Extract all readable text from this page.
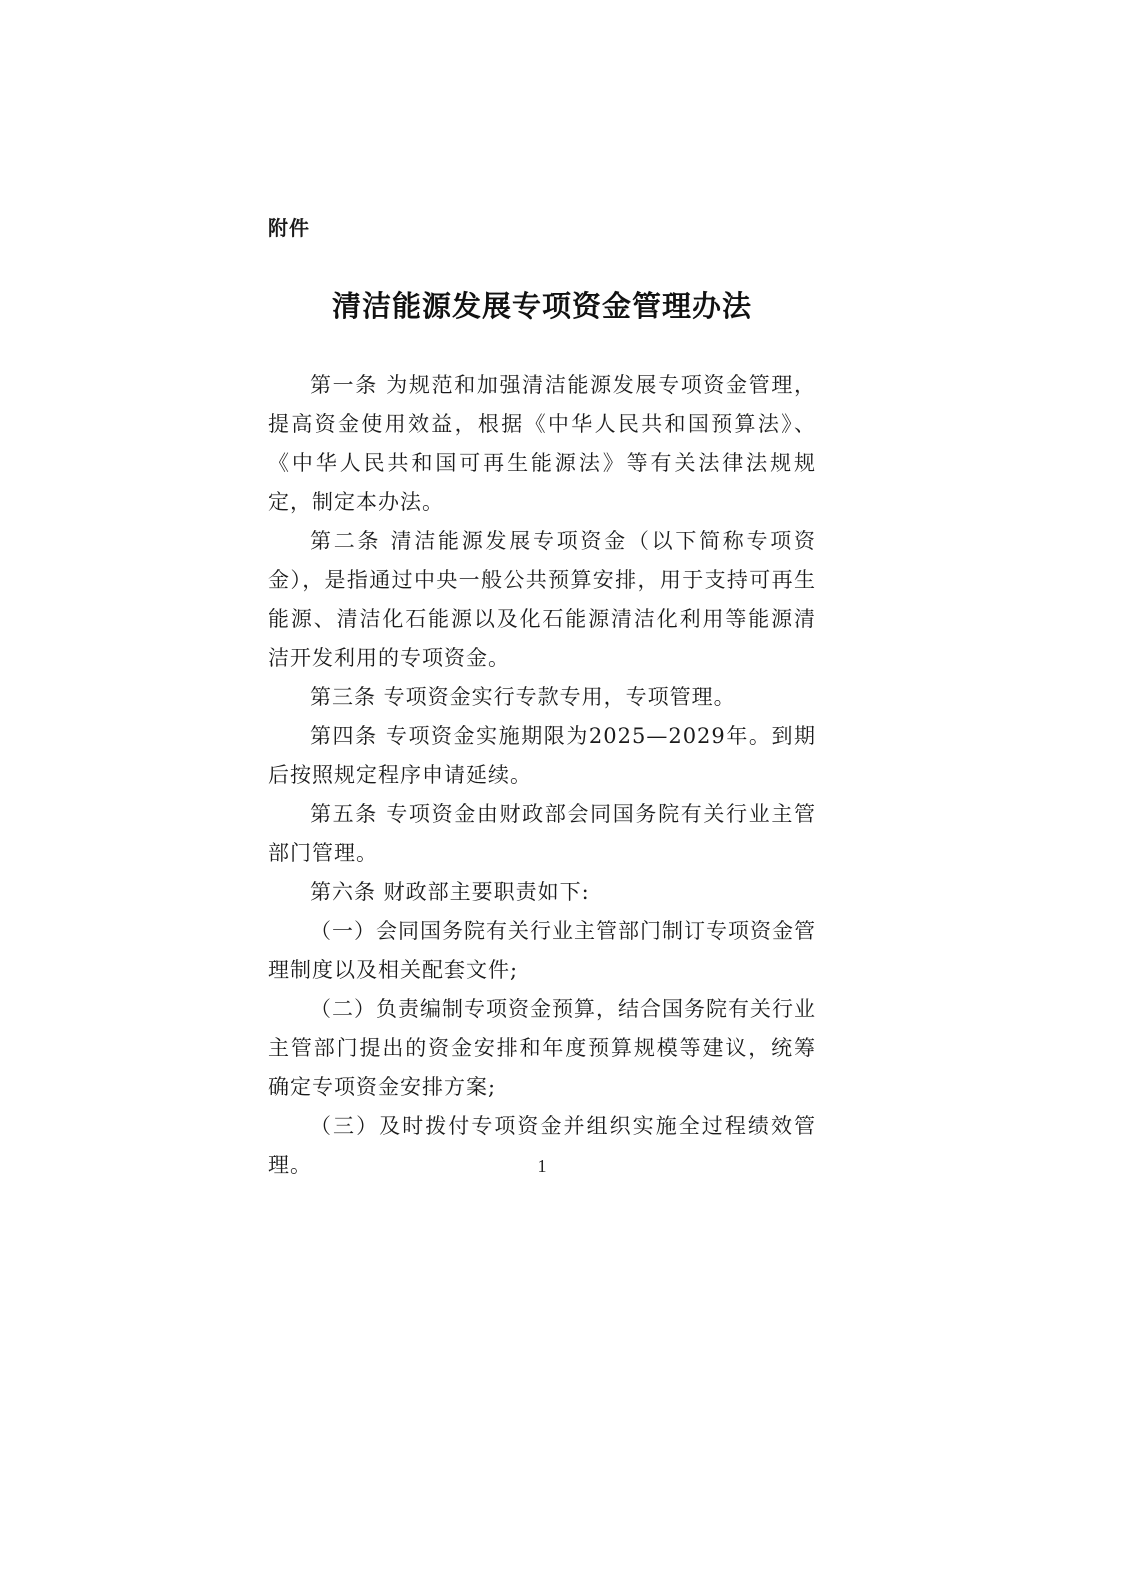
附件
清洁能源发展专项资金管理办法

第一条 为规范和加强清洁能源发展专项资金管理，提高资金使用效益，根据《中华人民共和国预算法》、《中华人民共和国可再生能源法》等有关法律法规规定，制定本办法。

第二条 清洁能源发展专项资金（以下简称专项资金），是指通过中央一般公共预算安排，用于支持可再生能源、清洁化石能源以及化石能源清洁化利用等能源清洁开发利用的专项资金。

第三条 专项资金实行专款专用，专项管理。

第四条 专项资金实施期限为2025—2029年。到期后按照规定程序申请延续。

第五条 专项资金由财政部会同国务院有关行业主管部门管理。

第六条 财政部主要职责如下:

（一）会同国务院有关行业主管部门制订专项资金管理制度以及相关配套文件;

（二）负责编制专项资金预算，结合国务院有关行业主管部门提出的资金安排和年度预算规模等建议，统筹确定专项资金安排方案;

（三）及时拨付专项资金并组织实施全过程绩效管理。	1
